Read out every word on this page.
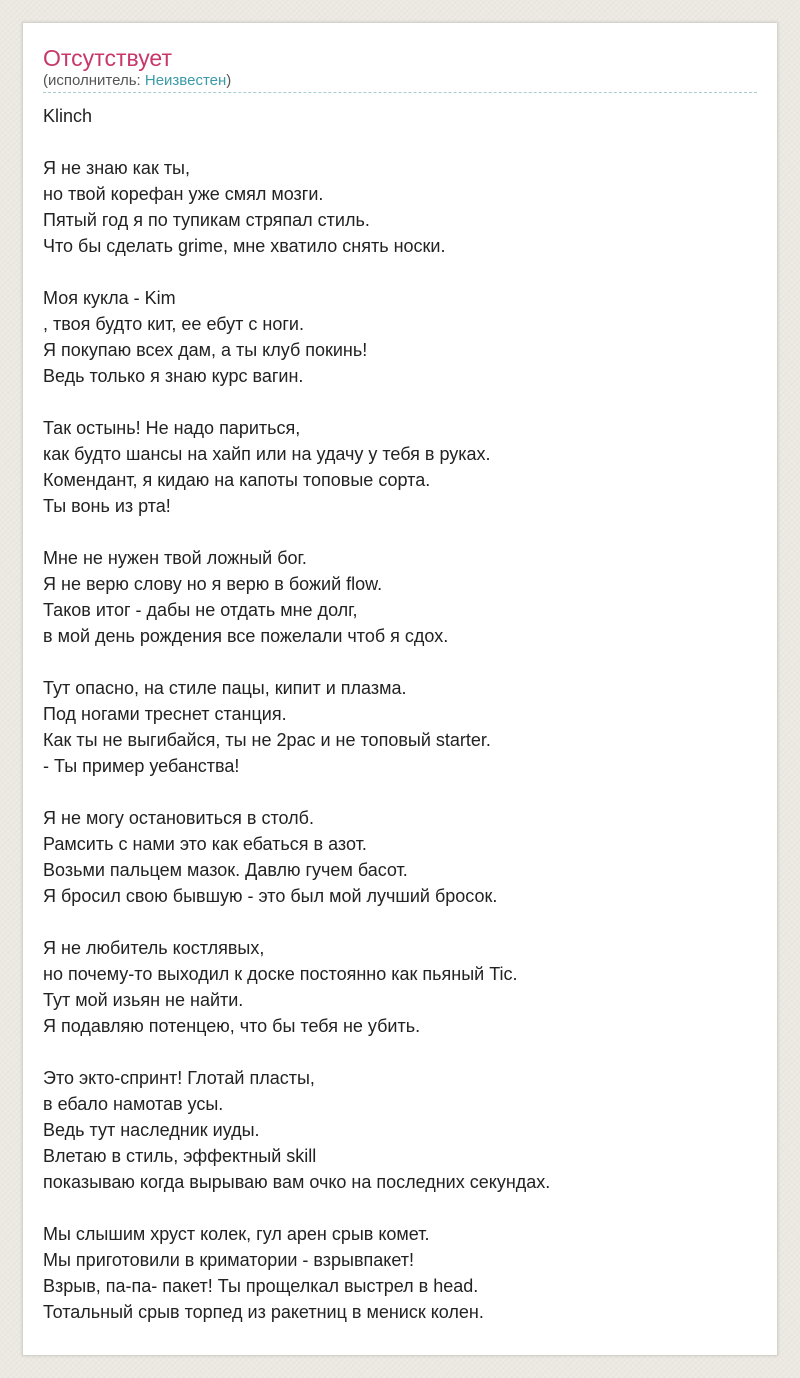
Отсутствует

(исполнитель: Неизвестен)

Klinch

Я не знаю как ты,
но твой корефан уже смял мозги.
Пятый год я по тупикам стряпал стиль.
Что бы сделать grime, мне хватило снять носки.

Моя кукла - Kim
, твоя будто кит, ее ебут с ноги.
Я покупаю всех дам, а ты клуб покинь!
Ведь только я знаю курс вагин.

Так остынь! Не надо париться,
как будто шансы на хайп или на удачу у тебя в руках.
Комендант, я кидаю на капоты топовые сорта.
Ты вонь из рта!

Мне не нужен твой ложный бог.
Я не верю слову но я верю в божий flow.
Таков итог - дабы не отдать мне долг,
в мой день рождения все пожелали чтоб я сдох.

Тут опасно, на стиле пацы, кипит и плазма.
Под ногами треснет станция.
Как ты не выгибайся, ты не 2pac и не топовый starter.
- Ты пример уебанства!

Я не могу остановиться в столб.
Рамсить с нами это как ебаться в азот.
Возьми пальцем мазок. Давлю гучем басот.
Я бросил свою бывшую - это был мой лучший бросок.

Я не любитель костлявых,
но почему-то выходил к доске постоянно как пьяный Tic.
Тут мой изьян не найти.
Я подавляю потенцею, что бы тебя не убить.

Это экто-спринт! Глотай пласты,
в ебало намотав усы.
Ведь тут наследник иуды.
Влетаю в стиль, эффектный skill
показываю когда вырываю вам очко на последних секундах.

Мы слышим хруст колек, гул арен срыв комет.
Мы приготовили в криматории - взрывпакет!
Взрыв, па-па- пакет! Ты прощелкал выстрел в head.
Тотальный срыв торпед из ракетниц в мениск колен.
